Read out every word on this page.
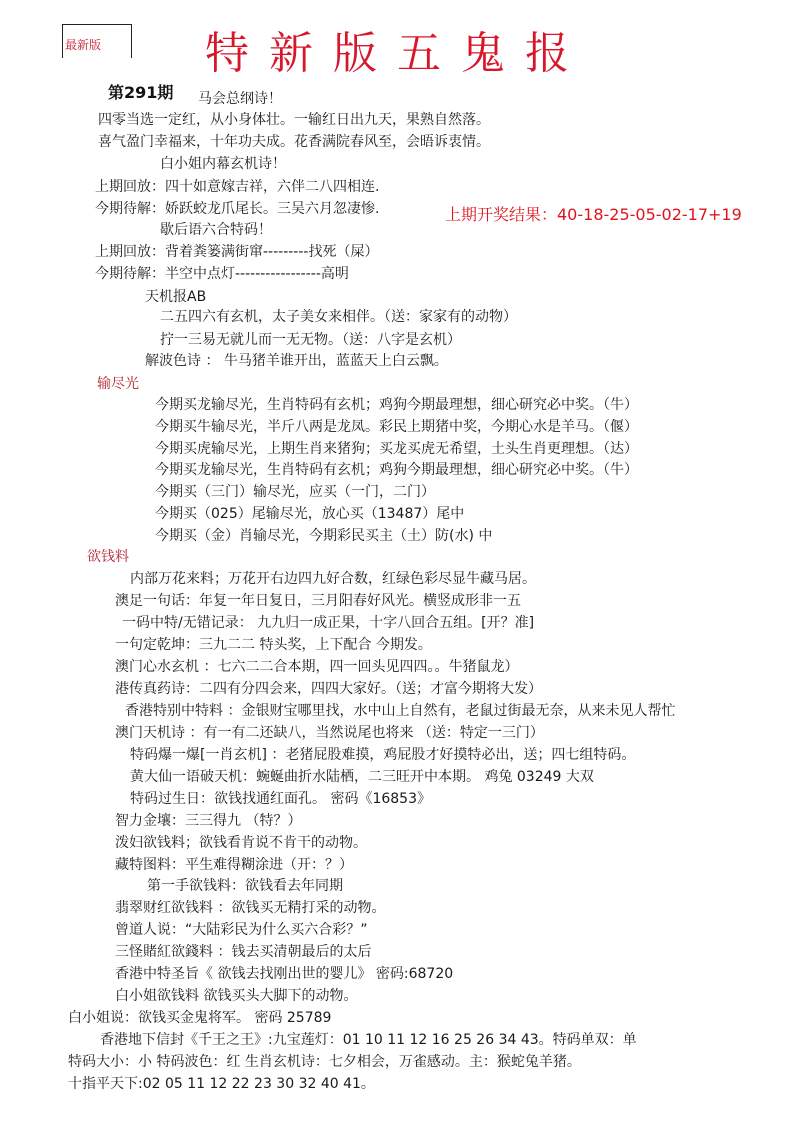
最新版 特新版五鬼报
第291期
上期开奖结果：40-18-25-05-02-17+19
马会总纲诗！
四零当选一定红，从小身体壮。一输红日出九天，果熟自然落。
喜气盈门幸福来，十年功夫成。花香满院春风至，会晤诉衷情。
白小姐内幕玄机诗！
上期回放：四十如意嫁吉祥，六伴二八四相连.
今期待解：娇跃蛟龙爪尾长。三吴六月忽凄惨.
歇后语六合特码！
上期回放：背着粪篓满街窜---------找死（屎）
今期待解：半空中点灯-----------------高明
天机报AB
二五四六有玄机，太子美女来相伴。（送：家家有的动物）
拧一三易无就儿而一无无物。（送：八字是玄机）
解波色诗 ： 牛马猪羊谁开出，蓝蓝天上白云飘。
输尽光
今期买龙输尽光，生肖特码有玄机；鸡狗今期最理想，细心研究必中奖。（牛）
今期买牛输尽光，半斤八两是龙凤。彩民上期猪中奖，今期心水是羊马。（偃）
今期买虎输尽光，上期生肖来猪狗；买龙买虎无希望，土头生肖更理想。（达）
今期买龙输尽光，生肖特码有玄机；鸡狗今期最理想，细心研究必中奖。（牛）
今期买（三门）输尽光，应买（一门，二门）
今期买（025）尾输尽光，放心买（13487）尾中
今期买（金）肖输尽光，今期彩民买主（土）防(水) 中
欲钱料
内部万花来料；万花开右边四九好合数，红绿色彩尽显牛藏马居。
澳足一句话：年复一年日复日，三月阳春好风光。横竖成形非一五
一码中特/无错记录： 九九归一成正果，十字八回合五组。[开？准]
一句定乾坤：三九二二 特头奖，上下配合 今期发。
澳门心水玄机 ：七六二二合本期，四一回头见四四。。牛猪鼠龙）
港传真药诗：二四有分四会来，四四大家好。（送；才富今期将大发）
香港特别中特料 ：金银财宝哪里找，水中山上自然有，老鼠过街最无奈，从来未见人帮忙
澳门天机诗 ：有一有二还缺八，当然说尾也将来 （送：特定一三门）
特码爆一爆[一肖玄机] ：老猪屁股难摸，鸡屁股才好摸特必出，送；四七组特码。
黄大仙一语破天机：蜿蜒曲折水陆栖，二三旺开中本期。 鸡兔 03249 大双
特码过生日：欲钱找通红面孔。 密码《16853》
智力金壤：三三得九 （特？）
泼妇欲钱料；欲钱看肯说不肯干的动物。
藏特图料：平生难得糊涂进（开：？）
第一手欲钱料：欲钱看去年同期
翡翠财红欲钱料 ：欲钱买无精打采的动物。
曾道人说：“大陆彩民为什么买六合彩？”
三怪賭紅欲錢料 ：钱去买清朝最后的太后
香港中特圣旨《 欲钱去找刚出世的婴儿》 密码:68720
白小姐欲钱料 欲钱买头大脚下的动物。
白小姐说：欲钱买金鬼将军。 密码 25789
香港地下信封《千王之王》:九宝莲灯：01 10 11 12 16 25 26 34 43。特码单双：单
特码大小：小 特码波色：红 生肖玄机诗：七夕相会，万雀感动。主：猴蛇兔羊猪。
十指平天下:02 05 11 12 22 23 30 32 40 41。
